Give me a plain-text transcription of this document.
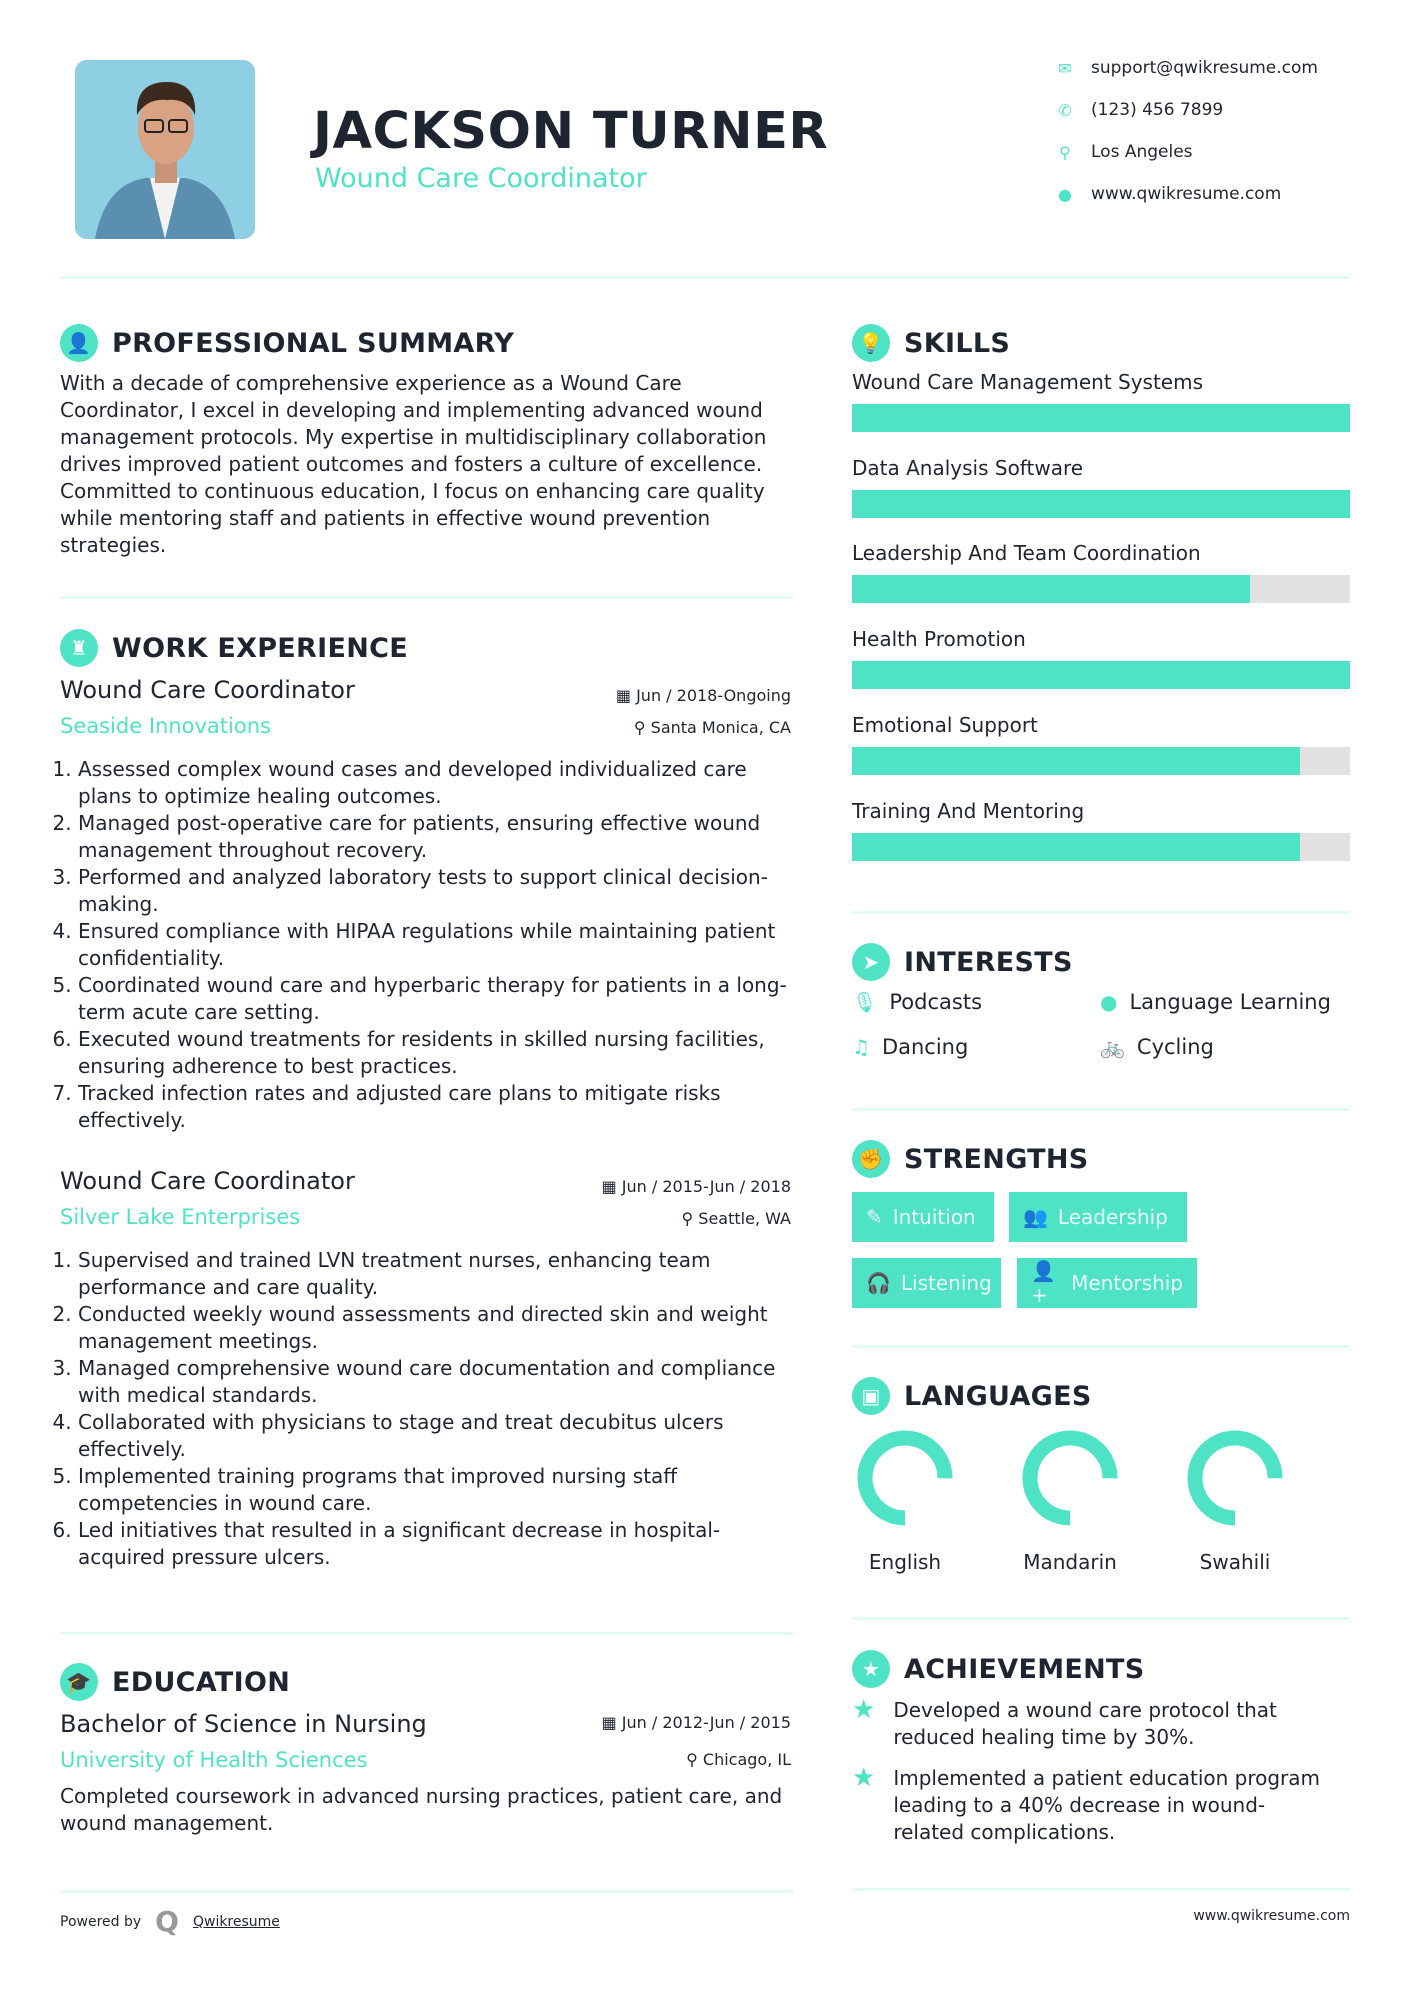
JACKSON TURNER
Wound Care Coordinator
✉ support@qwikresume.com
✆ (123) 456 7899
⚲ Los Angeles
● www.qwikresume.com
👤 PROFESSIONAL SUMMARY
With a decade of comprehensive experience as a Wound Care Coordinator, I excel in developing and implementing advanced wound management protocols. My expertise in multidisciplinary collaboration drives improved patient outcomes and fosters a culture of excellence. Committed to continuous education, I focus on enhancing care quality while mentoring staff and patients in effective wound prevention strategies.
♜ WORK EXPERIENCE
Wound Care Coordinator	▦ Jun / 2018-Ongoing
Seaside Innovations	⚲ Santa Monica, CA
1. Assessed complex wound cases and developed individualized care plans to optimize healing outcomes.
2. Managed post-operative care for patients, ensuring effective wound management throughout recovery.
3. Performed and analyzed laboratory tests to support clinical decision-making.
4. Ensured compliance with HIPAA regulations while maintaining patient confidentiality.
5. Coordinated wound care and hyperbaric therapy for patients in a long-term acute care setting.
6. Executed wound treatments for residents in skilled nursing facilities, ensuring adherence to best practices.
7. Tracked infection rates and adjusted care plans to mitigate risks effectively.
Wound Care Coordinator	▦ Jun / 2015-Jun / 2018
Silver Lake Enterprises	⚲ Seattle, WA
1. Supervised and trained LVN treatment nurses, enhancing team performance and care quality.
2. Conducted weekly wound assessments and directed skin and weight management meetings.
3. Managed comprehensive wound care documentation and compliance with medical standards.
4. Collaborated with physicians to stage and treat decubitus ulcers effectively.
5. Implemented training programs that improved nursing staff competencies in wound care.
6. Led initiatives that resulted in a significant decrease in hospital-acquired pressure ulcers.
🎓 EDUCATION
Bachelor of Science in Nursing	▦ Jun / 2012-Jun / 2015
University of Health Sciences	⚲ Chicago, IL
Completed coursework in advanced nursing practices, patient care, and wound management.
Powered by Q Qwikresume
💡 SKILLS
Wound Care Management Systems
Data Analysis Software
Leadership And Team Coordination
Health Promotion
Emotional Support
Training And Mentoring
➤ INTERESTS
🎙 Podcasts	● Language Learning
♫ Dancing	🚲 Cycling
✊ STRENGTHS
✎ Intuition 👥 Leadership
🎧 Listening 👤+	Mentorship
▣ LANGUAGES
English	Mandarin	Swahili
★ ACHIEVEMENTS
★ Developed a wound care protocol that reduced healing time by 30%.
★ Implemented a patient education program leading to a 40% decrease in wound-related complications.
www.qwikresume.com
